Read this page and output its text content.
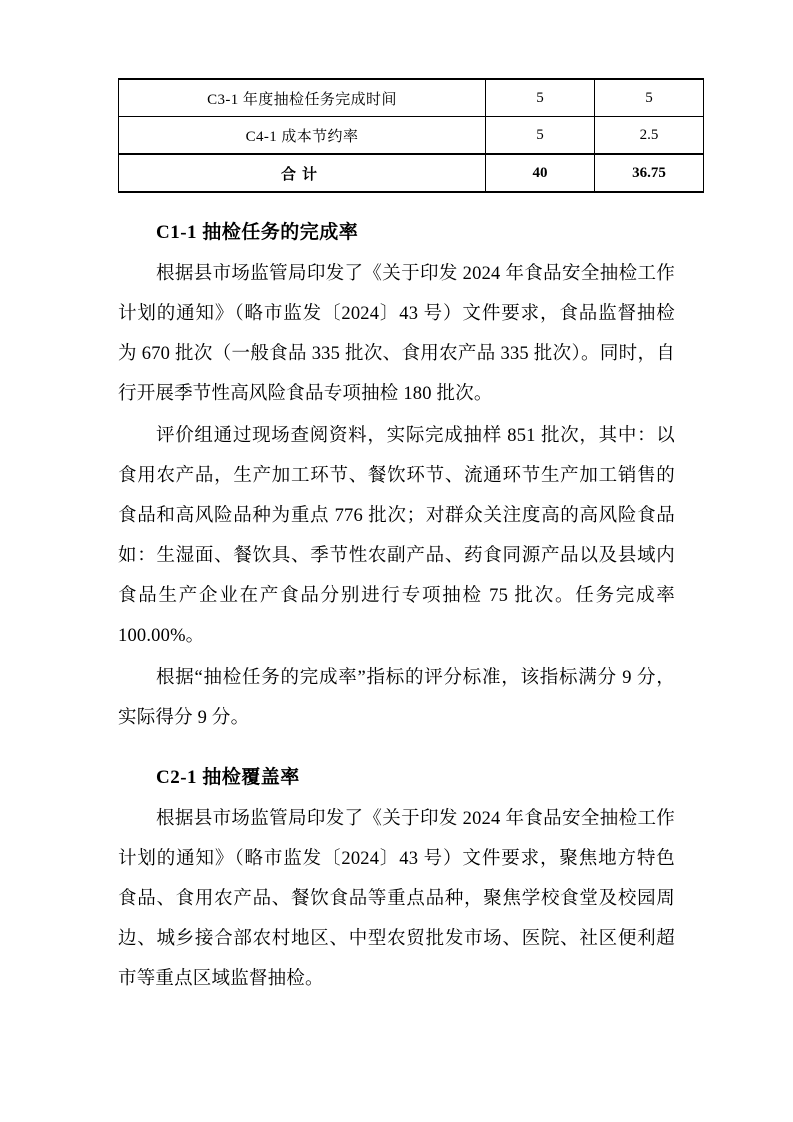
C3-1 年度抽检任务完成时间	5	5
C4-1 成本节约率	5	2.5
合计	40	36.75
C1-1 抽检任务的完成率

根据县市场监管局印发了《关于印发 2024 年食品安全抽检工作计划的通知》（略市监发〔2024〕43 号）文件要求，食品监督抽检为 670 批次（一般食品 335 批次、食用农产品 335 批次）。同时，自行开展季节性高风险食品专项抽检 180 批次。

评价组通过现场查阅资料，实际完成抽样 851 批次，其中：以食用农产品，生产加工环节、餐饮环节、流通环节生产加工销售的食品和高风险品种为重点 776 批次；对群众关注度高的高风险食品如：生湿面、餐饮具、季节性农副产品、药食同源产品以及县域内食品生产企业在产食品分别进行专项抽检 75 批次。任务完成率 100.00%。

根据“抽检任务的完成率”指标的评分标准，该指标满分 9 分，实际得分 9 分。

C2-1 抽检覆盖率

根据县市场监管局印发了《关于印发 2024 年食品安全抽检工作计划的通知》（略市监发〔2024〕43 号）文件要求，聚焦地方特色食品、食用农产品、餐饮食品等重点品种，聚焦学校食堂及校园周边、城乡接合部农村地区、中型农贸批发市场、医院、社区便利超市等重点区域监督抽检。
